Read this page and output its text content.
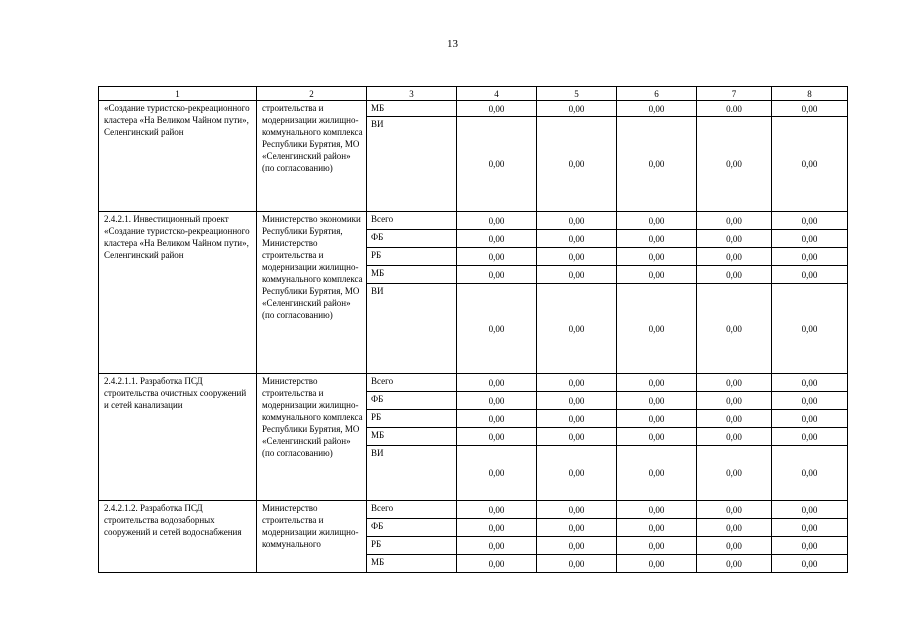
13
1	2	3	4	5	6	7	8
«Создание туристско-рекреационного кластера «На Великом Чайном пути», Селенгинский район	строительства и модернизации жилищно-коммунального комплекса Республики Бурятия, МО «Селенгинский район» (по согласованию)	МБ	0,00	0,00	0,00	0.00	0,00
		ВИ	0,00	0,00	0,00	0,00	0,00
2.4.2.1. Инвестиционный проект «Создание туристско-рекреационного кластера «На Великом Чайном пути», Селенгинский район	Министерство экономики Республики Бурятия, Министерство строительства и модернизации жилищно-коммунального комплекса Республики Бурятия, МО «Селенгинский район» (по согласованию)	Всего	0,00	0,00	0,00	0,00	0,00
		ФБ	0,00	0,00	0,00	0,00	0,00
		РБ	0,00	0,00	0,00	0,00	0,00
		МБ	0,00	0,00	0,00	0,00	0,00
		ВИ	0,00	0,00	0,00	0,00	0,00
2.4.2.1.1. Разработка ПСД строительства очистных сооружений и сетей канализации	Министерство строительства и модернизации жилищно-коммунального комплекса Республики Бурятия, МО «Селенгинский район» (по согласованию)	Всего	0,00	0,00	0,00	0,00	0,00
		ФБ	0,00	0,00	0,00	0,00	0,00
		РБ	0,00	0,00	0,00	0,00	0,00
		МБ	0,00	0,00	0,00	0,00	0,00
		ВИ	0,00	0,00	0,00	0,00	0,00
2.4.2.1.2. Разработка ПСД строительства водозаборных сооружений и сетей водоснабжения	Министерство строительства и модернизации жилищно-коммунального	Всего	0,00	0,00	0,00	0,00	0,00
		ФБ	0,00	0,00	0,00	0,00	0,00
		РБ	0,00	0,00	0,00	0,00	0,00
		МБ	0,00	0,00	0,00	0,00	0,00
